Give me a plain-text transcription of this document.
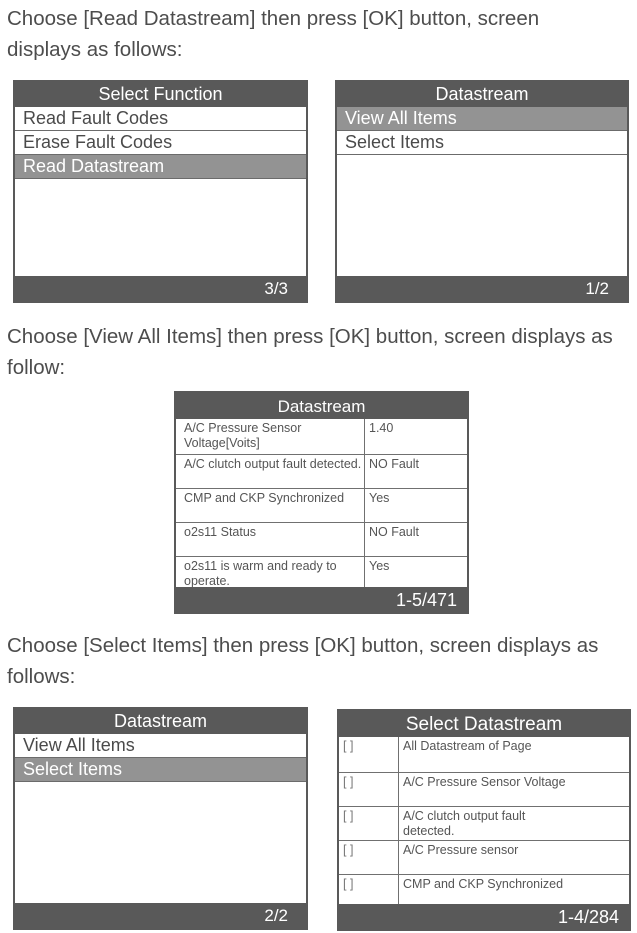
Choose [Read Datastream] then press [OK] button, screen
displays as follows:

Select Function
Read Fault Codes
Erase Fault Codes
Read Datastream
3/3
Datastream
View All Items
Select Items
1/2

Choose [View All Items] then press [OK] button, screen displays as
follow:

Datastream
A/C Pressure Sensor Voltage[Voits]	1.40
A/C clutch output fault detected.	NO Fault
CMP and CKP Synchronized	Yes
o2s11 Status	NO Fault
o2s11 is warm and ready to operate.	Yes
1-5/471

Choose [Select Items] then press [OK] button, screen displays as
follows:

Datastream
View All Items
Select Items
2/2
Select Datastream
[ ]	All Datastream of Page
[ ]	A/C Pressure Sensor Voltage
[ ]	A/C clutch output fault detected.
[ ]	A/C Pressure sensor
[ ]	CMP and CKP Synchronized
1-4/284
